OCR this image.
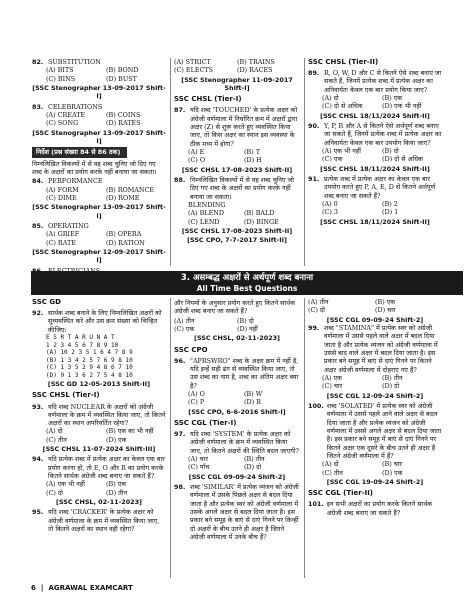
82. SUBSTITUTION
(A) BITS	(B) BOND
(C) BINS	(D) BUST
[SSC Stenographer 13-09-2017 Shift-I]
83. CELEBRATIONS
(A) CREATE	(B) COINS
(C) SONG	(D) RATES
[SSC Stenographer 13-09-2017 Shift-I]
निर्देश (प्रश्न संख्या 84 से 86 तक)
निम्नलिखित विकल्पों में से वह शब्द चुनिए जो दिए गए शब्द के अक्षरों का प्रयोग करके नहीं बनाया जा सकता।
84. PERFORMANCE
(A) FORM	(B) ROMANCE
(C) DIME	(D) ROME
[SSC Stenographer 13-09-2017 Shift-I]
85. OPERATING
(A) GRIEF	(B) OPERA
(C) RATE	(D) RATION
[SSC Stenographer 12-09-2017 Shift-I]
(A) STRICT	(B) TRAINS
(C) ELECTS	(D) RACES
[SSC Stenographer 11-09-2017 Shift-I]
SSC CHSL (Tier-I)
87. यदि शब्द 'TOUCHED' के प्रत्येक अक्षर को अंग्रेजी वर्णमाला में निर्धारित क्रम में अक्षरों द्वारा अक्षर (Z) से शुरू करते हुए व्यवस्थित किया जाए, तो किस अक्षर का स्थान इस व्यवस्था के ठीक मध्य में होगा?
(A) E	(B) T
(C) O	(D) H
[SSC CHSL 17-08-2023 Shift-II]
88. निम्नलिखित विकल्पों में से वह शब्द चुनिए जो दिए गए शब्द के अक्षरों का प्रयोग करके नहीं बनाया जा सकता।
BLENDING
(A) BLEND	(B) BALD
(C) LEND	(D) BINGE
[SSC CHSL 17-08-2023 Shift-II]
[SSC CPO, 7-7-2017 Shift-II]
SSC CHSL (Tier-II)
89. R, O, W, D और C से कितने ऐसे शब्द बनाए जा सकते हैं, जिनमें प्रत्येक शब्द में प्रत्येक अक्षर का अनिवार्यतः केवल एक बार प्रयोग किया जाए?
(A) दो	(B) एक
(C) दो से अधिक	(D) एक भी नहीं
[SSC CHSL 18/11/2024 Shift-II]
90. Y, P, R और A से कितने ऐसे अर्थपूर्ण शब्द बनाए जा सकते हैं, जिनमें प्रत्येक शब्द में प्रत्येक अक्षर का अनिवार्यतः केवल एक बार उपयोग किया जाए?
(A) एक भी नहीं	(B) दो
(C) एक	(D) दो से अधिक
[SSC CHSL 18/11/2024 Shift-II]
91. प्रत्येक शब्द में प्रत्येक अक्षर का केवल एक बार उपयोग करते हुए P, A, E, D से कितने अर्थपूर्ण शब्द बनाए जा सकते हैं?
(A) 0	(B) 2
(C) 3	(D) 1
[SSC CHSL 18/11/2024 Shift-II]
3. असम्बद्ध अक्षरों से अर्थपूर्ण शब्द बनाना
All Time Best Questions
SSC GD
92. सार्थक शब्द बनाने के लिए निम्नलिखित अक्षरों को सुव्यवस्थित करें और उस क्रम संख्या को चिन्हित कीजिए:
E S R T A R U N A T
1 2 3 4 5 6 7 8 9 10
(A) 10 2 3 5 1 6 4 7 8 9
(B) 1 3 4 2 5 7 6 9 8 10
(C) 1 3 5 2 9 4 8 6 7 10
(D) 9 1 3 6 2 7 5 4 8 10
[SSC GD 12-05-2013 Shift-II]
SSC CHSL (Tier-I)
93. यदि शब्द NUCLEAR के अक्षरों को अंग्रेजी वर्णमाला के क्रम में व्यवस्थित किया जाए, तो कितने अक्षरों का स्थान अपरिवर्तित रहेगा?
(A) दो	(B) एक का भी नहीं
(C) तीन	(D) एक
[SSC CHSL 11-07-2024 Shift-III]
94. यदि प्रत्येक शब्द में प्रत्येक अक्षर का केवल एक बार प्रयोग करना हो, तो E, O और R का प्रयोग करके कितने सार्थक अंग्रेजी शब्द बनाए जा सकते हैं?
(A) एक भी नहीं	(B) एक
(C) दो	(D) तीन
[SSC CHSL, 02-11-2023]
95. यदि शब्द 'CRACKER' के प्रत्येक अक्षर को अंग्रेजी वर्णमाला के क्रम में व्यवस्थित किया जाए, तो कितने अक्षरों का स्थान वही रहेगा?
और नियमों के अनुसार प्रयोग करते हुए कितने सार्थक अंग्रेजी शब्द बनाए जा सकते हैं?
(A) तीन	(B) दो
(C) एक	(D) नहीं
[SSC CHSL, 02-11-2023]
SSC CPO
96. "APRSWRO" शब्द के अक्षर क्रम में नहीं है, यदि इन्हें सही ढंग से व्यवस्थित किया जाए, तो उस शब्द का नाम है, शब्द का अंतिम अक्षर क्या है?
(A) O	(B) W
(C) P	(D) R
[SSC CPO, 6-6-2016 Shift-I]
SSC CGL (Tier-I)
97. यदि शब्द 'SYSTEM' के प्रत्येक अक्षर को अंग्रेजी वर्णमाला के क्रम में व्यवस्थित किया जाए, तो कितने अक्षरों की स्थिति बदल जाएगी?
(A) चार	(B) तीन
(C) पाँच	(D) दो
[SSC CGL 09-09-24 Shift-2]
98. शब्द 'SIMILAR' में प्रत्येक व्यंजन को अंग्रेजी वर्णमाला में उसके पिछले अक्षर से बदल दिया जाता है और प्रत्येक स्वर को अंग्रेजी वर्णमाला में उसके अगले अक्षर से बदल दिया जाता है। इस प्रकार बने समूह के बाएं से दाएं गिनने पर किन्हीं दो अक्षरों के बीच उतने ही अक्षर हैं जितने अंग्रेजी वर्णमाला में उनके बीच हैं?
(A) तीन	(B) एक
(C) दो	(D) चार
[SSC CGL 09-09-24 Shift-2]
99. शब्द "STAMINA" में प्रत्येक स्वर को अंग्रेजी वर्णमाला में उससे पहले वाले अक्षर में बदल दिया जाता है और प्रत्येक व्यंजन को अंग्रेजी वर्णमाला में उससे बाद वाले अक्षर में बदल दिया जाता है। इस प्रकार बने समूह में बाएं से दाएं गिनने पर कितने अक्षर अंग्रेजी वर्णमाला में दोहराए गए हैं?
(A) एक	(B) तीन
(C) चार	(D) दो
[SSC CGL 12-09-24 Shift-2]
100. शब्द 'SOLATED' में प्रत्येक स्वर को अंग्रेजी वर्णमाला में उससे पहले आने वाले अक्षर से बदल दिया जाता है और प्रत्येक व्यंजन को अंग्रेजी वर्णमाला में उससे अगले अक्षर से बदल दिया जाता है। इस प्रकार बने समूह में बाएं से दाएं गिनने पर कितने अक्षर एक दूसरे के बीच उतने ही अक्षर हैं जितने अंग्रेजी वर्णमाला में हैं?
(A) दो	(B) चार
(C) तीन	(D) एक
[SSC CGL 19-09-24 Shift-2]
SSC CGL (Tier-II)
101. इन सभी अक्षरों का प्रयोग करके कितने सार्थक अंग्रेजी शब्द बनाए जा सकते हैं?
6 | AGRAWAL EXAMCART
